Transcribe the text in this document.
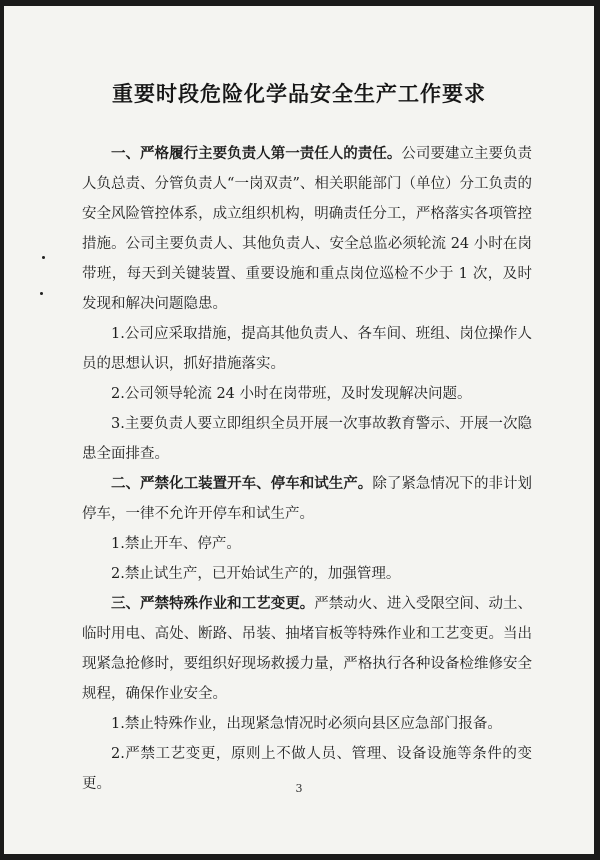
重要时段危险化学品安全生产工作要求

一、严格履行主要负责人第一责任人的责任。公司要建立主要负责人负总责、分管负责人“一岗双责”、相关职能部门（单位）分工负责的安全风险管控体系，成立组织机构，明确责任分工，严格落实各项管控措施。公司主要负责人、其他负责人、安全总监必须轮流 24 小时在岗带班，每天到关键装置、重要设施和重点岗位巡检不少于 1 次，及时发现和解决问题隐患。

1.公司应采取措施，提高其他负责人、各车间、班组、岗位操作人员的思想认识，抓好措施落实。

2.公司领导轮流 24 小时在岗带班，及时发现解决问题。

3.主要负责人要立即组织全员开展一次事故教育警示、开展一次隐患全面排查。

二、严禁化工装置开车、停车和试生产。除了紧急情况下的非计划停车，一律不允许开停车和试生产。

1.禁止开车、停产。

2.禁止试生产，已开始试生产的，加强管理。

三、严禁特殊作业和工艺变更。严禁动火、进入受限空间、动土、临时用电、高处、断路、吊装、抽堵盲板等特殊作业和工艺变更。当出现紧急抢修时，要组织好现场救援力量，严格执行各种设备检维修安全规程，确保作业安全。

1.禁止特殊作业，出现紧急情况时必须向县区应急部门报备。

2.严禁工艺变更，原则上不做人员、管理、设备设施等条件的变更。	3
